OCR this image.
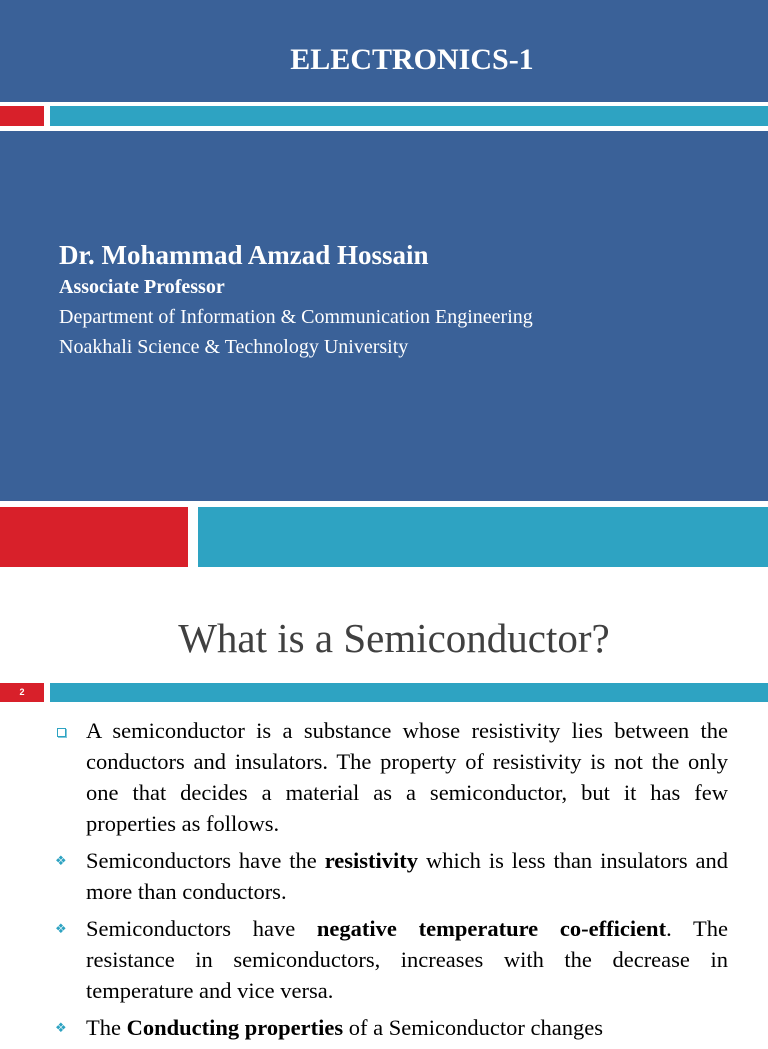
ELECTRONICS-1
Dr. Mohammad Amzad Hossain
Associate Professor
Department of Information & Communication Engineering
Noakhali Science & Technology University
What is a Semiconductor?
2
A semiconductor is a substance whose resistivity lies between the conductors and insulators. The property of resistivity is not the only one that decides a material as a semiconductor, but it has few properties as follows.
❖ Semiconductors have the resistivity which is less than insulators and more than conductors.
❖ Semiconductors have negative temperature co-efficient. The resistance in semiconductors, increases with the decrease in temperature and vice versa.
❖ The Conducting properties of a Semiconductor changes
